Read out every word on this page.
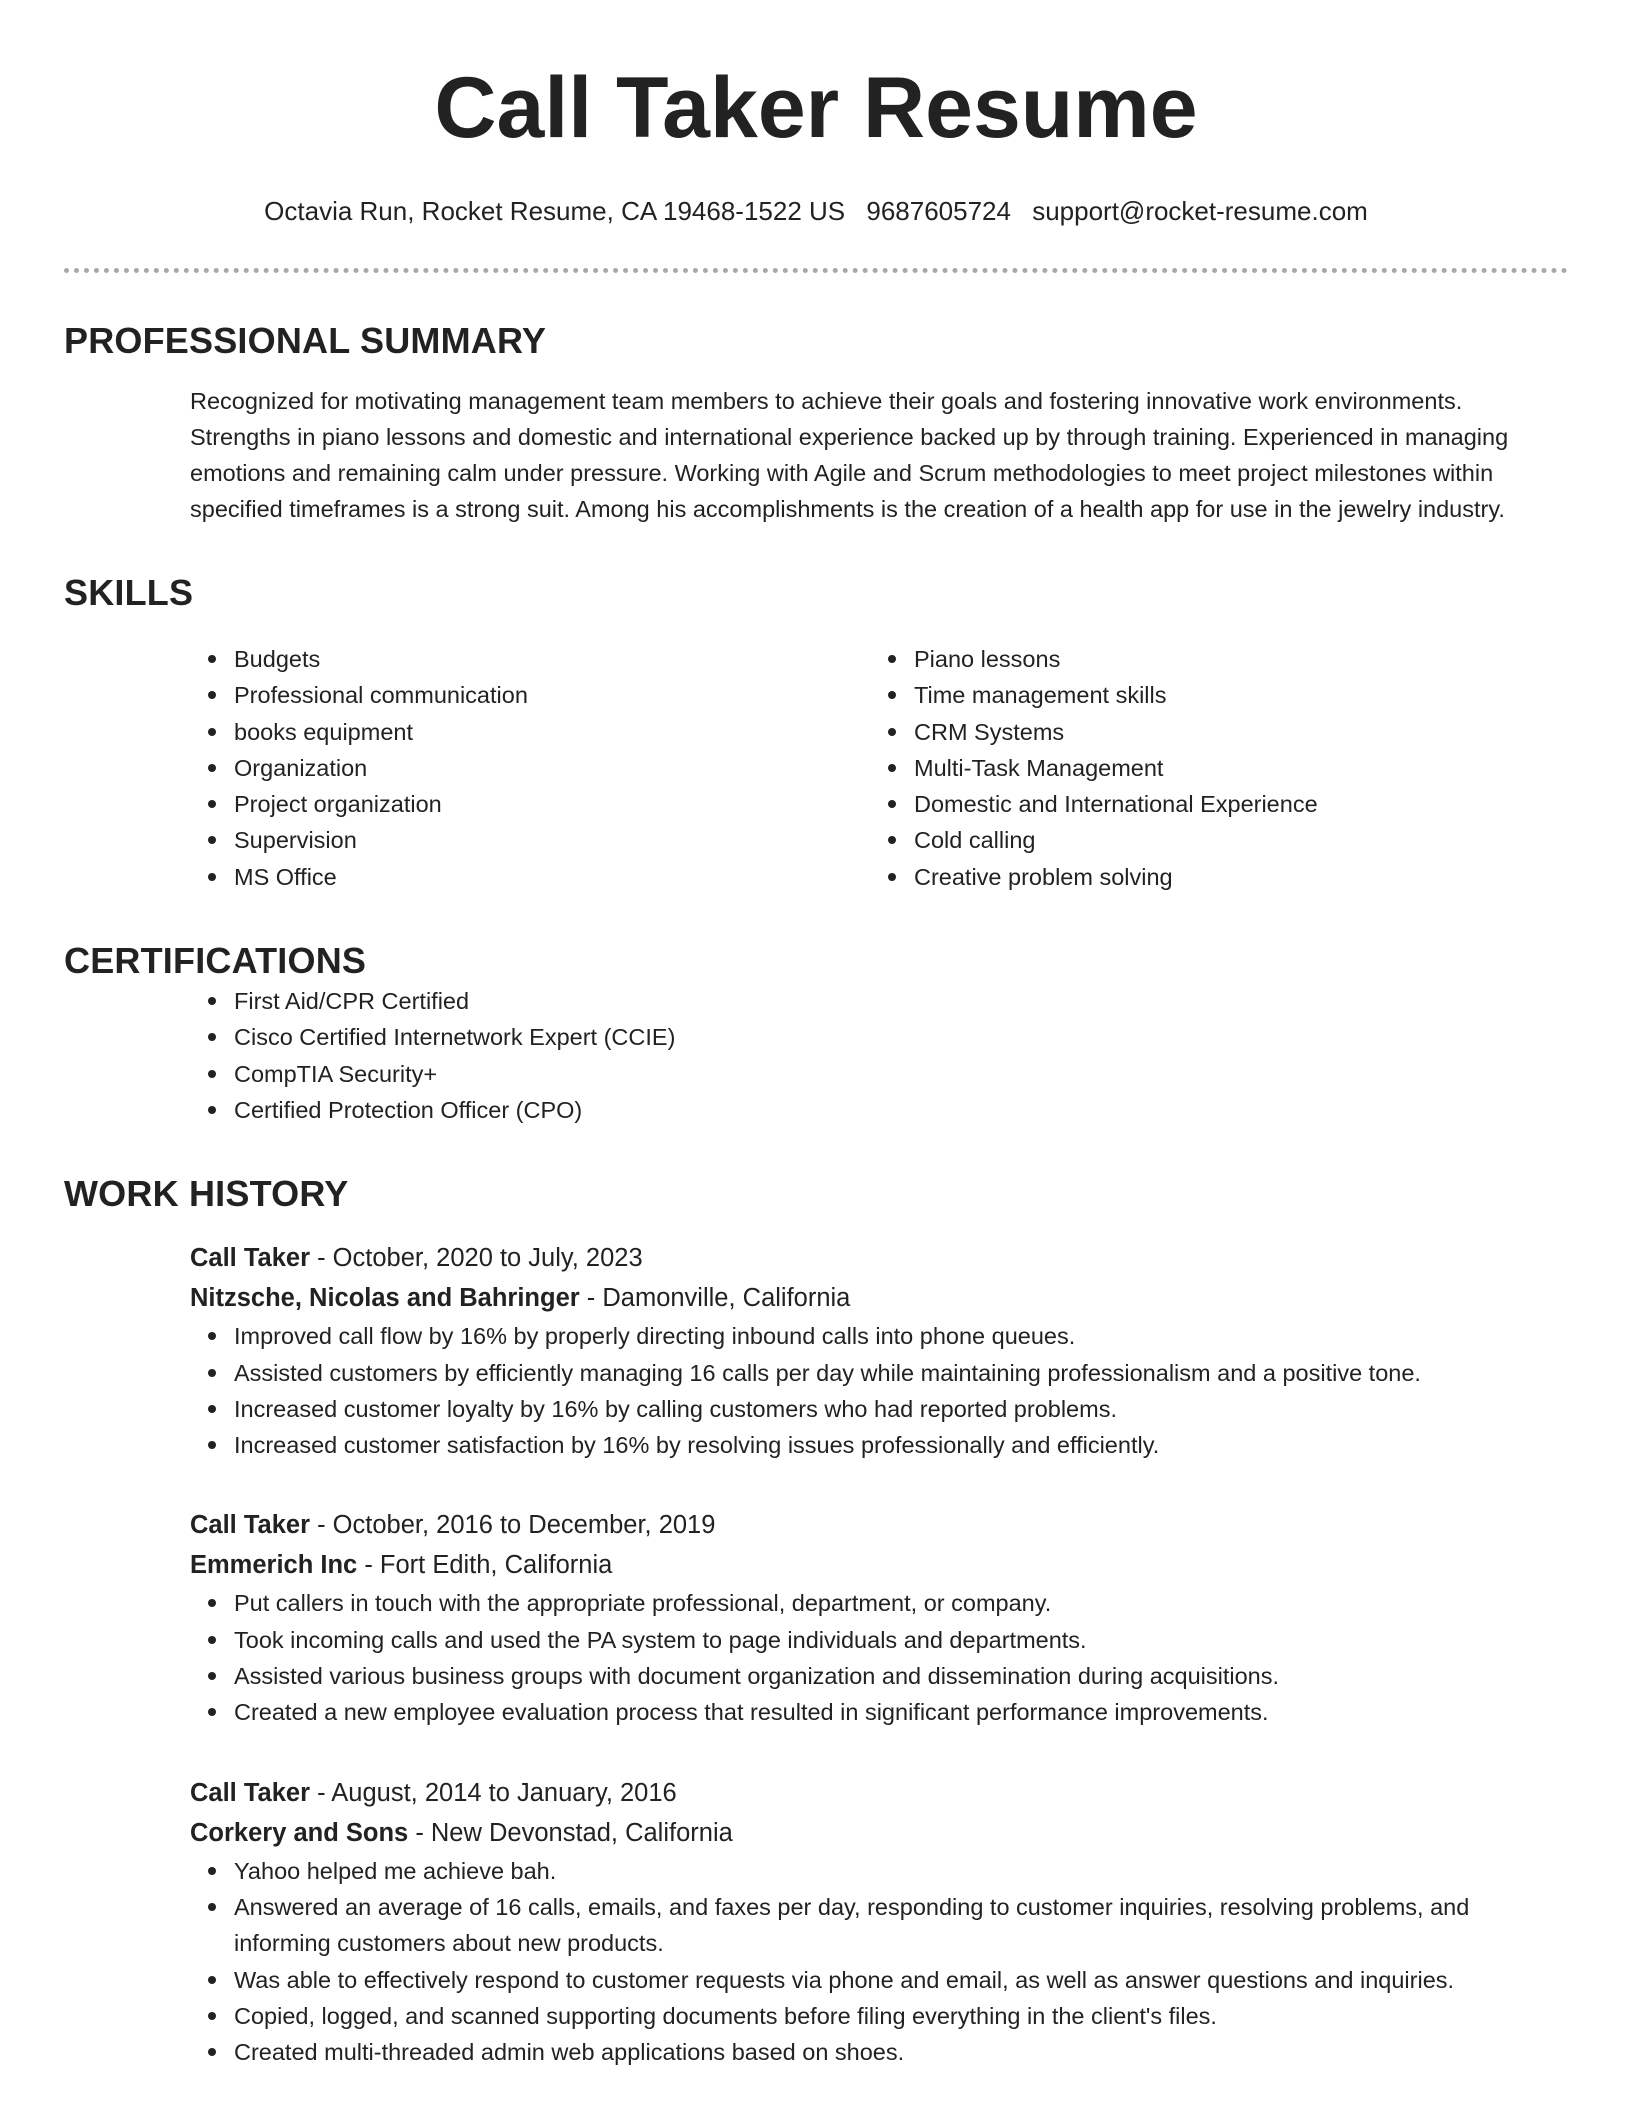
Call Taker Resume
Octavia Run, Rocket Resume, CA 19468-1522 US 9687605724 support@rocket-resume.com
PROFESSIONAL SUMMARY
Recognized for motivating management team members to achieve their goals and fostering innovative work environments. Strengths in piano lessons and domestic and international experience backed up by through training. Experienced in managing emotions and remaining calm under pressure. Working with Agile and Scrum methodologies to meet project milestones within specified timeframes is a strong suit. Among his accomplishments is the creation of a health app for use in the jewelry industry.
SKILLS
Budgets
Professional communication
books equipment
Organization
Project organization
Supervision
MS Office
Piano lessons
Time management skills
CRM Systems
Multi-Task Management
Domestic and International Experience
Cold calling
Creative problem solving
CERTIFICATIONS
First Aid/CPR Certified
Cisco Certified Internetwork Expert (CCIE)
CompTIA Security+
Certified Protection Officer (CPO)
WORK HISTORY
Call Taker - October, 2020 to July, 2023
Nitzsche, Nicolas and Bahringer - Damonville, California
Improved call flow by 16% by properly directing inbound calls into phone queues.
Assisted customers by efficiently managing 16 calls per day while maintaining professionalism and a positive tone.
Increased customer loyalty by 16% by calling customers who had reported problems.
Increased customer satisfaction by 16% by resolving issues professionally and efficiently.
Call Taker - October, 2016 to December, 2019
Emmerich Inc - Fort Edith, California
Put callers in touch with the appropriate professional, department, or company.
Took incoming calls and used the PA system to page individuals and departments.
Assisted various business groups with document organization and dissemination during acquisitions.
Created a new employee evaluation process that resulted in significant performance improvements.
Call Taker - August, 2014 to January, 2016
Corkery and Sons - New Devonstad, California
Yahoo helped me achieve bah.
Answered an average of 16 calls, emails, and faxes per day, responding to customer inquiries, resolving problems, and informing customers about new products.
Was able to effectively respond to customer requests via phone and email, as well as answer questions and inquiries.
Copied, logged, and scanned supporting documents before filing everything in the client's files.
Created multi-threaded admin web applications based on shoes.
